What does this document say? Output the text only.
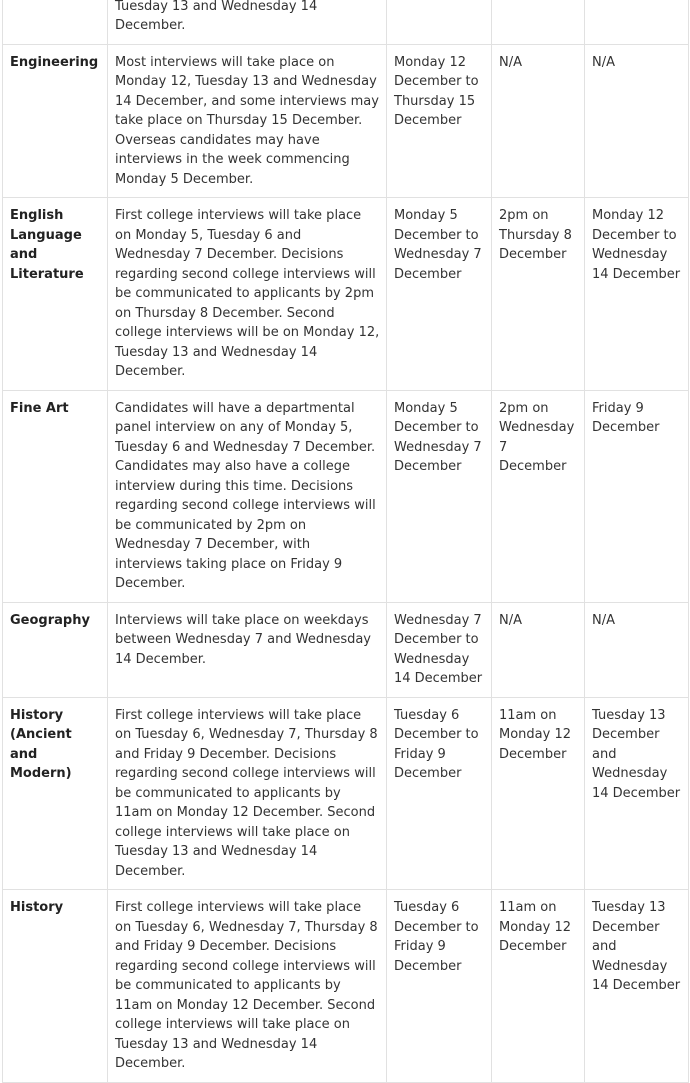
	Tuesday 13 and Wednesday 14 December.			

Engineering	Most interviews will take place on Monday 12, Tuesday 13 and Wednesday 14 December, and some interviews may take place on Thursday 15 December. Overseas candidates may have interviews in the week commencing Monday 5 December.	Monday 12 December to Thursday 15 December	N/A	N/A
English Language and Literature	First college interviews will take place on Monday 5, Tuesday 6 and Wednesday 7 December. Decisions regarding second college interviews will be communicated to applicants by 2pm on Thursday 8 December. Second college interviews will be on Monday 12, Tuesday 13 and Wednesday 14 December.	Monday 5 December to Wednesday 7 December	2pm on Thursday 8 December	Monday 12 December to Wednesday 14 December
Fine Art	Candidates will have a departmental panel interview on any of Monday 5, Tuesday 6 and Wednesday 7 December. Candidates may also have a college interview during this time. Decisions regarding second college interviews will be communicated by 2pm on Wednesday 7 December, with interviews taking place on Friday 9 December.	Monday 5 December to Wednesday 7 December	2pm on Wednesday 7 December	Friday 9 December
Geography	Interviews will take place on weekdays between Wednesday 7 and Wednesday 14 December.	Wednesday 7 December to Wednesday 14 December	N/A	N/A
History (Ancient and Modern)	First college interviews will take place on Tuesday 6, Wednesday 7, Thursday 8 and Friday 9 December. Decisions regarding second college interviews will be communicated to applicants by 11am on Monday 12 December. Second college interviews will take place on Tuesday 13 and Wednesday 14 December.	Tuesday 6 December to Friday 9 December	11am on Monday 12 December	Tuesday 13 December and Wednesday 14 December
History	First college interviews will take place on Tuesday 6, Wednesday 7, Thursday 8 and Friday 9 December. Decisions regarding second college interviews will be communicated to applicants by 11am on Monday 12 December. Second college interviews will take place on Tuesday 13 and Wednesday 14 December.	Tuesday 6 December to Friday 9 December	11am on Monday 12 December	Tuesday 13 December and Wednesday 14 December
